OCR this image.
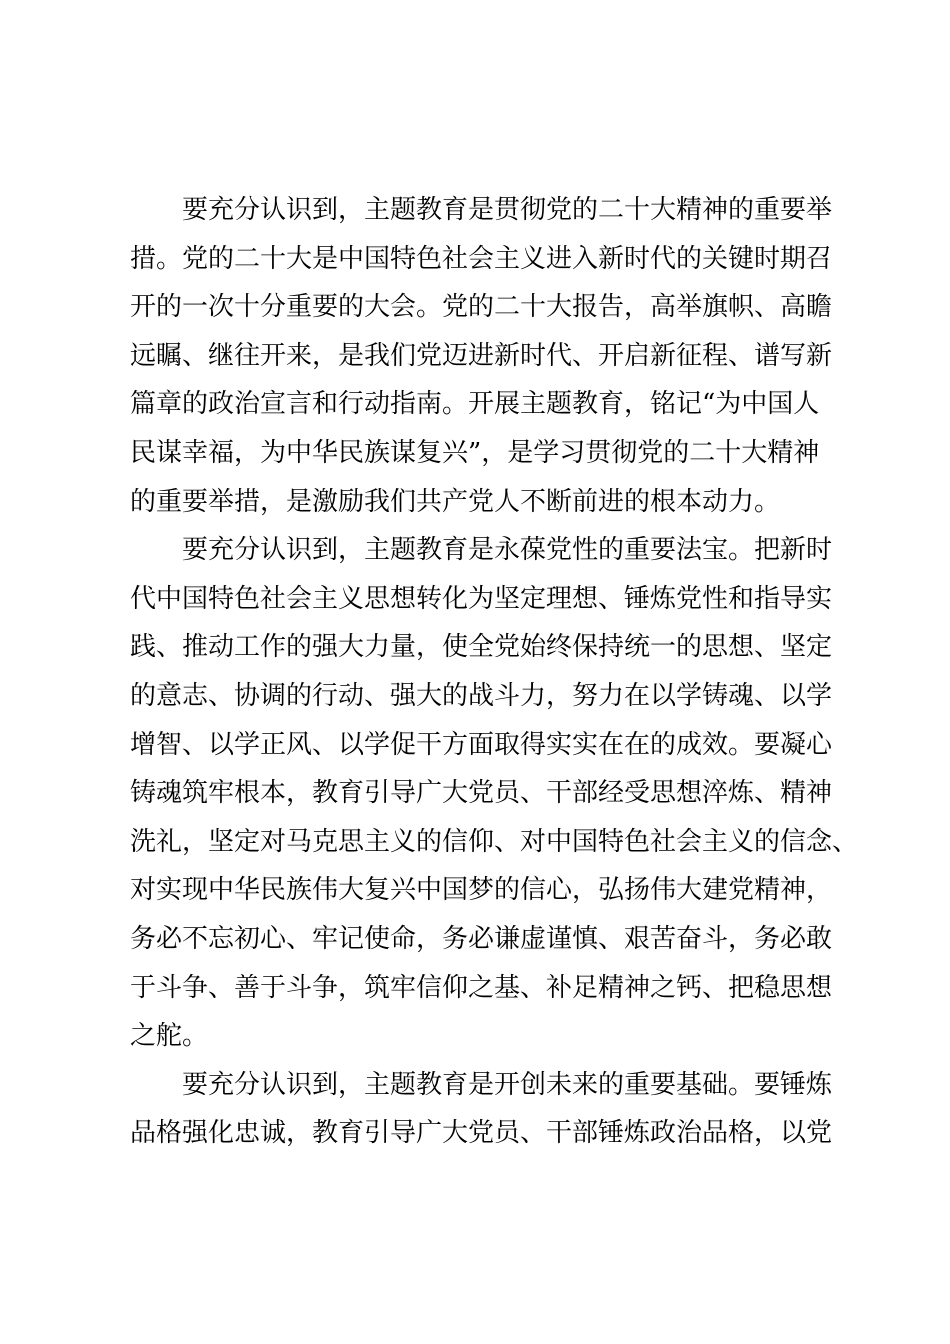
要充分认识到，主题教育是贯彻党的二十大精神的重要举
措。党的二十大是中国特色社会主义进入新时代的关键时期召
开的一次十分重要的大会。党的二十大报告，高举旗帜、高瞻
远瞩、继往开来，是我们党迈进新时代、开启新征程、谱写新
篇章的政治宣言和行动指南。开展主题教育，铭记“为中国人
民谋幸福，为中华民族谋复兴”，是学习贯彻党的二十大精神
的重要举措，是激励我们共产党人不断前进的根本动力。
要充分认识到，主题教育是永葆党性的重要法宝。把新时
代中国特色社会主义思想转化为坚定理想、锤炼党性和指导实
践、推动工作的强大力量，使全党始终保持统一的思想、坚定
的意志、协调的行动、强大的战斗力，努力在以学铸魂、以学
增智、以学正风、以学促干方面取得实实在在的成效。要凝心
铸魂筑牢根本，教育引导广大党员、干部经受思想淬炼、精神
洗礼，坚定对马克思主义的信仰、对中国特色社会主义的信念、
对实现中华民族伟大复兴中国梦的信心，弘扬伟大建党精神，
务必不忘初心、牢记使命，务必谦虚谨慎、艰苦奋斗，务必敢
于斗争、善于斗争，筑牢信仰之基、补足精神之钙、把稳思想
之舵。
要充分认识到，主题教育是开创未来的重要基础。要锤炼
品格强化忠诚，教育引导广大党员、干部锤炼政治品格，以党
